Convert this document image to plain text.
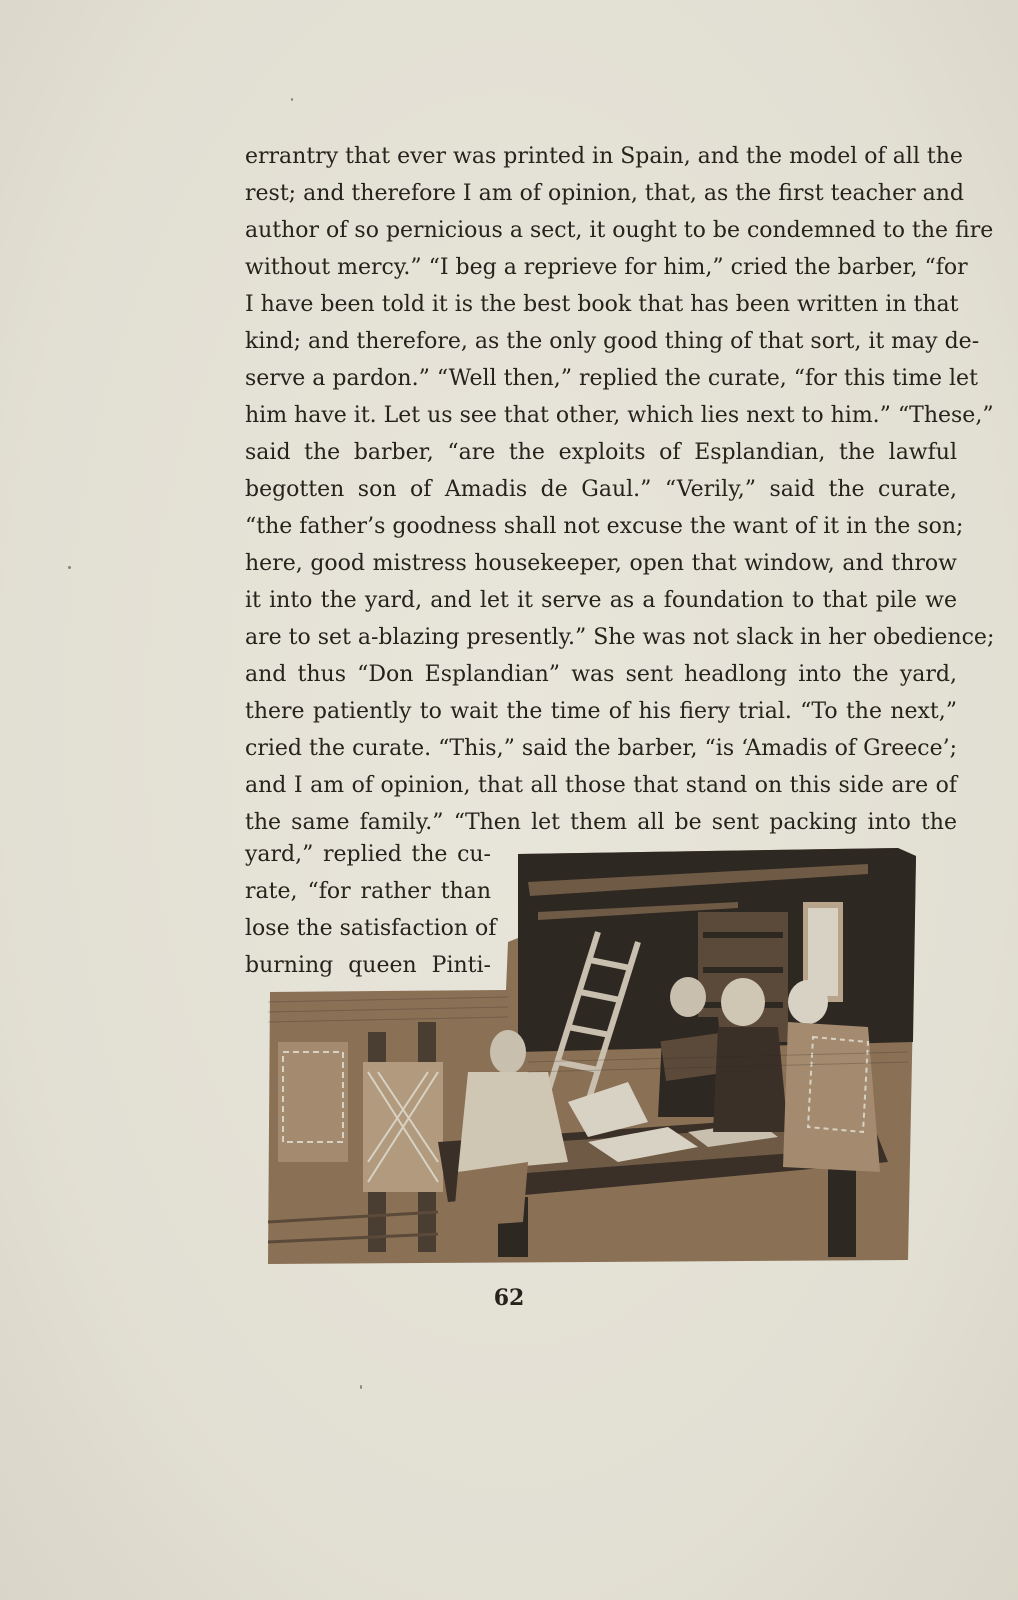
errantry that ever was printed in Spain, and the model of all the
rest; and therefore I am of opinion, that, as the first teacher and
author of so pernicious a sect, it ought to be condemned to the fire
without mercy.” “I beg a reprieve for him,” cried the barber, “for
I have been told it is the best book that has been written in that
kind; and therefore, as the only good thing of that sort, it may de-
serve a pardon.” “Well then,” replied the curate, “for this time let
him have it. Let us see that other, which lies next to him.” “These,”
said the barber, “are the exploits of Esplandian, the lawful
begotten son of Amadis de Gaul.” “Verily,” said the curate,
“the father’s goodness shall not excuse the want of it in the son;
here, good mistress housekeeper, open that window, and throw
it into the yard, and let it serve as a foundation to that pile we
are to set a-blazing presently.” She was not slack in her obedience;
and thus “Don Esplandian” was sent headlong into the yard,
there patiently to wait the time of his fiery trial. “To the next,”
cried the curate. “This,” said the barber, “is ‘Amadis of Greece’;
and I am of opinion, that all those that stand on this side are of
the same family.” “Then let them all be sent packing into the
yard,” replied the cu-
rate, “for rather than
lose the satisfaction of
burning queen Pinti-
62
